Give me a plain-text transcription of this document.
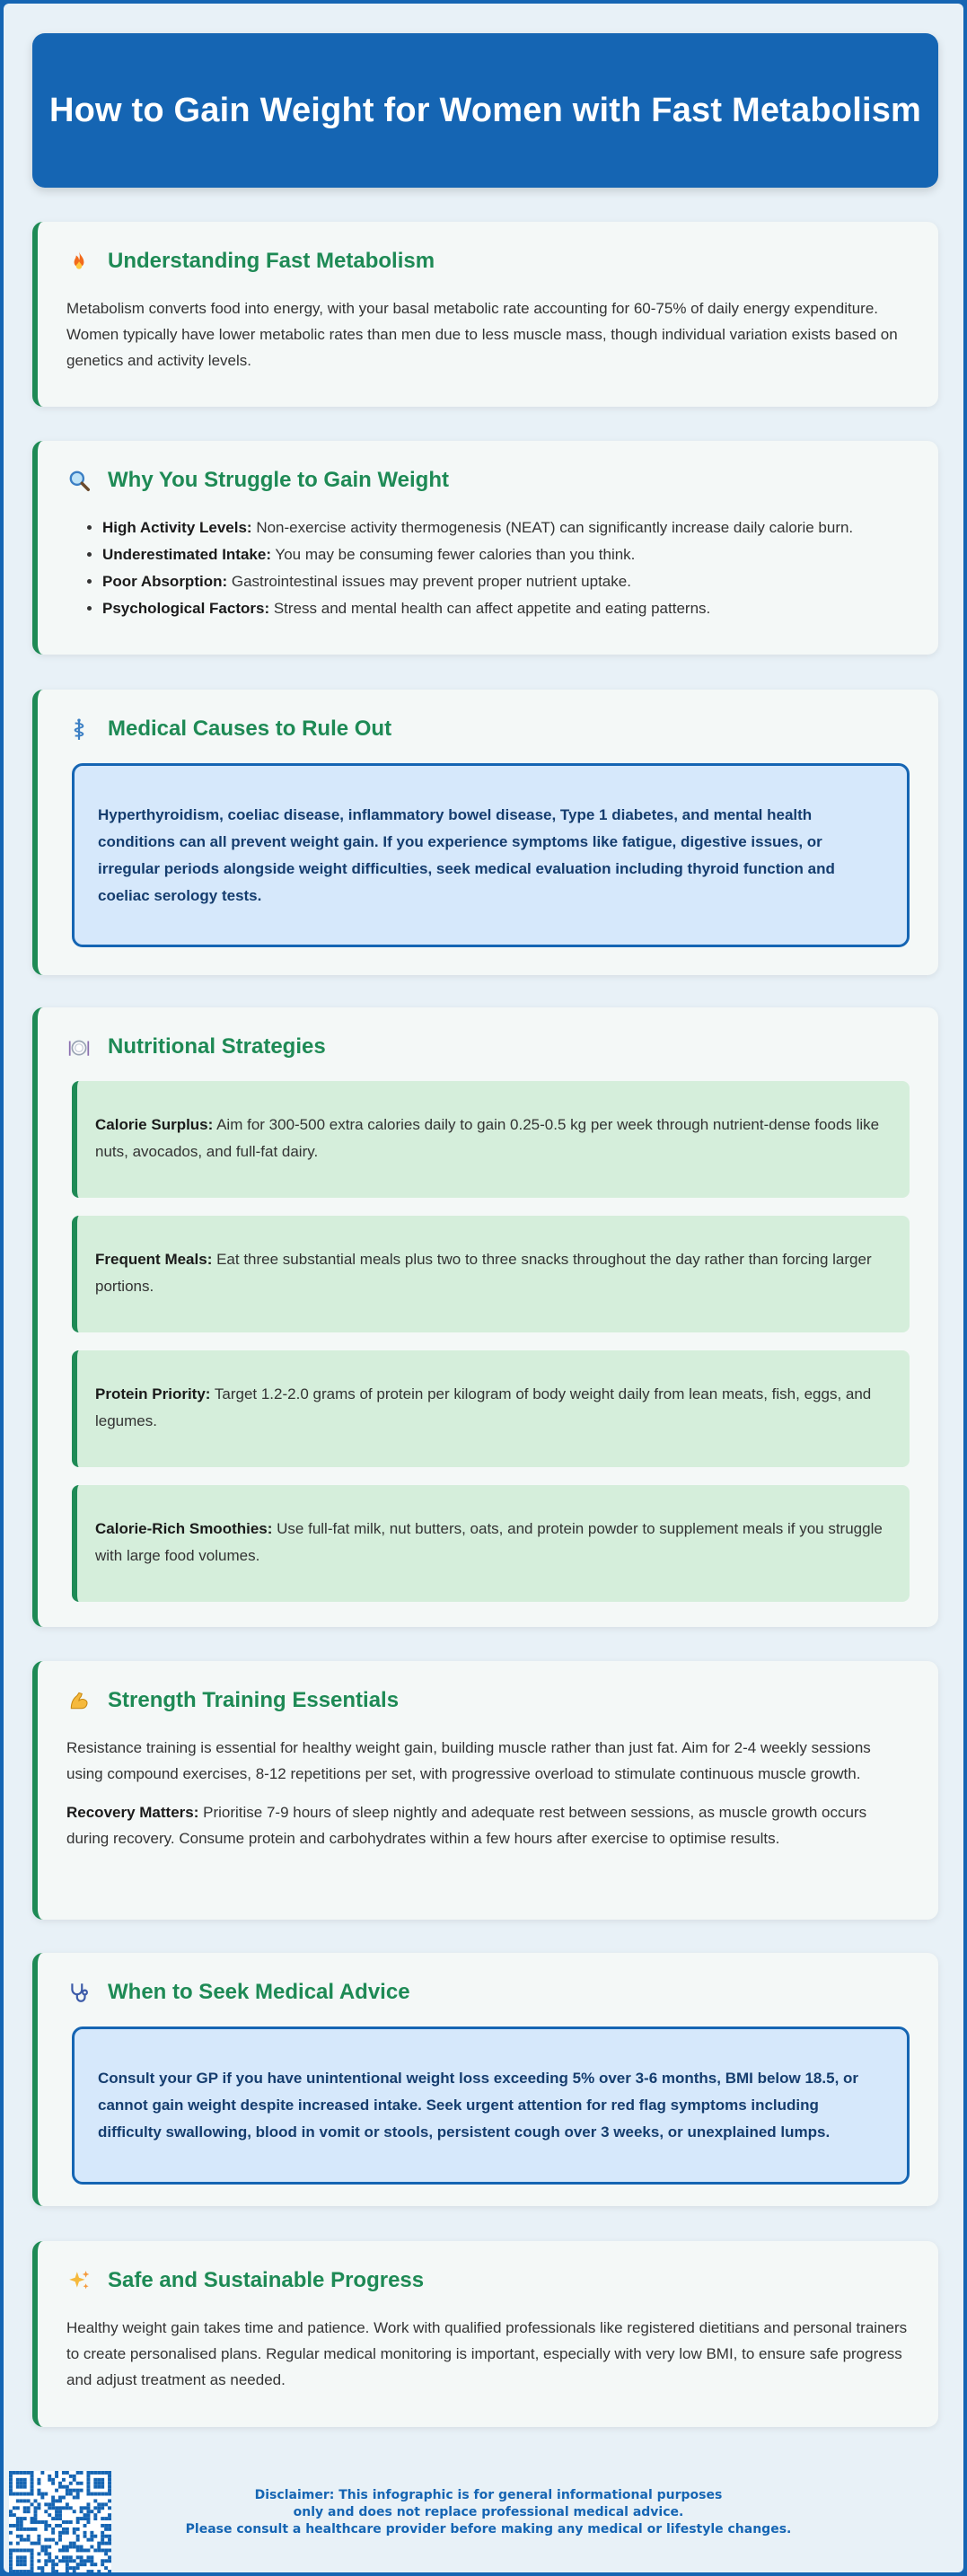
How to Gain Weight for Women with Fast Metabolism
Understanding Fast Metabolism

Metabolism converts food into energy, with your basal metabolic rate accounting for 60-75% of daily energy expenditure. Women typically have lower metabolic rates than men due to less muscle mass, though individual variation exists based on genetics and activity levels.

Why You Struggle to Gain Weight
• High Activity Levels: Non-exercise activity thermogenesis (NEAT) can significantly increase daily calorie burn.
• Underestimated Intake: You may be consuming fewer calories than you think.
• Poor Absorption: Gastrointestinal issues may prevent proper nutrient uptake.
• Psychological Factors: Stress and mental health can affect appetite and eating patterns.
Medical Causes to Rule Out
Hyperthyroidism, coeliac disease, inflammatory bowel disease, Type 1 diabetes, and mental health conditions can all prevent weight gain. If you experience symptoms like fatigue, digestive issues, or irregular periods alongside weight difficulties, seek medical evaluation including thyroid function and coeliac serology tests.
Nutritional Strategies
Calorie Surplus: Aim for 300-500 extra calories daily to gain 0.25-0.5 kg per week through nutrient-dense foods like nuts, avocados, and full-fat dairy.
Frequent Meals: Eat three substantial meals plus two to three snacks throughout the day rather than forcing larger portions.
Protein Priority: Target 1.2-2.0 grams of protein per kilogram of body weight daily from lean meats, fish, eggs, and legumes.
Calorie-Rich Smoothies: Use full-fat milk, nut butters, oats, and protein powder to supplement meals if you struggle with large food volumes.
Strength Training Essentials

Resistance training is essential for healthy weight gain, building muscle rather than just fat. Aim for 2-4 weekly sessions using compound exercises, 8-12 repetitions per set, with progressive overload to stimulate continuous muscle growth.

Recovery Matters: Prioritise 7-9 hours of sleep nightly and adequate rest between sessions, as muscle growth occurs during recovery. Consume protein and carbohydrates within a few hours after exercise to optimise results.

When to Seek Medical Advice
Consult your GP if you have unintentional weight loss exceeding 5% over 3-6 months, BMI below 18.5, or cannot gain weight despite increased intake. Seek urgent attention for red flag symptoms including difficulty swallowing, blood in vomit or stools, persistent cough over 3 weeks, or unexplained lumps.
Safe and Sustainable Progress

Healthy weight gain takes time and patience. Work with qualified professionals like registered dietitians and personal trainers to create personalised plans. Regular medical monitoring is important, especially with very low BMI, to ensure safe progress and adjust treatment as needed.

Disclaimer: This infographic is for general informational purposes
only and does not replace professional medical advice.
Please consult a healthcare provider before making any medical or lifestyle changes.
